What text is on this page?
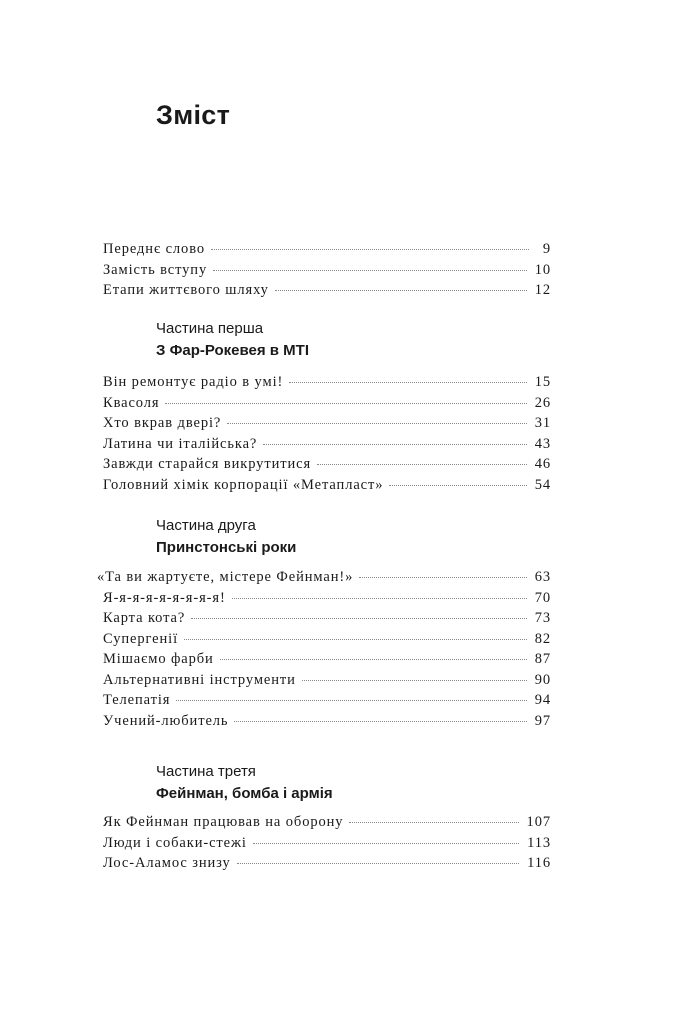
Зміст
Переднє слово	9
Замість вступу	10
Етапи життєвого шляху	12
Частина перша
З Фар-Рокевея в МТІ
Він ремонтує радіо в умі!	15
Квасоля	26
Хто вкрав двері?	31
Латина чи італійська?	43
Завжди старайся викрутитися	46
Головний хімік корпорації «Метапласт»	54
Частина друга
Принстонські роки
«Та ви жартуєте, містере Фейнман!»	63
Я-я-я-я-я-я-я-я-я!	70
Карта кота?	73
Супергенії	82
Мішаємо фарби	87
Альтернативні інструменти	90
Телепатія	94
Учений-любитель	97
Частина третя
Фейнман, бомба і армія
Як Фейнман працював на оборону	107
Люди і собаки-стежі	113
Лос-Аламос знизу	116
